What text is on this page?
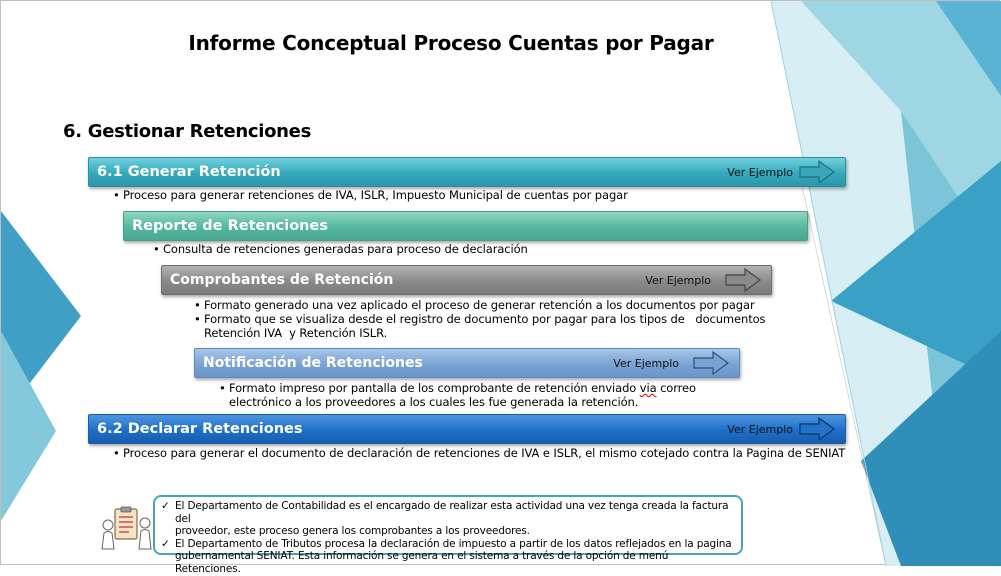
Informe Conceptual Proceso Cuentas por Pagar
6. Gestionar Retenciones
6.1 Generar Retención	Ver Ejemplo
• Proceso para generar retenciones de IVA, ISLR, Impuesto Municipal de cuentas por pagar
Reporte de Retenciones
• Consulta de retenciones generadas para proceso de declaración
Comprobantes de Retención	Ver Ejemplo
• Formato generado una vez aplicado el proceso de generar retención a los documentos por pagar
• Formato que se visualiza desde el registro de documento por pagar para los tipos de   documentos
Retención IVA  y Retención ISLR.
Notificación de Retenciones	Ver Ejemplo
• Formato impreso por pantalla de los comprobante de retención enviado via correo
electrónico a los proveedores a los cuales les fue generada la retención.
6.2 Declarar Retenciones	Ver Ejemplo
• Proceso para generar el documento de declaración de retenciones de IVA e ISLR, el mismo cotejado contra la Pagina de SENIAT
✓ El Departamento de Contabilidad es el encargado de realizar esta actividad una vez tenga creada la factura del
proveedor, este proceso genera los comprobantes a los proveedores.
✓ El Departamento de Tributos procesa la declaración de impuesto a partir de los datos reflejados en la pagina
gubernamental SENIAT. Esta información se genera en el sistema a través de la opción de menú Retenciones.
